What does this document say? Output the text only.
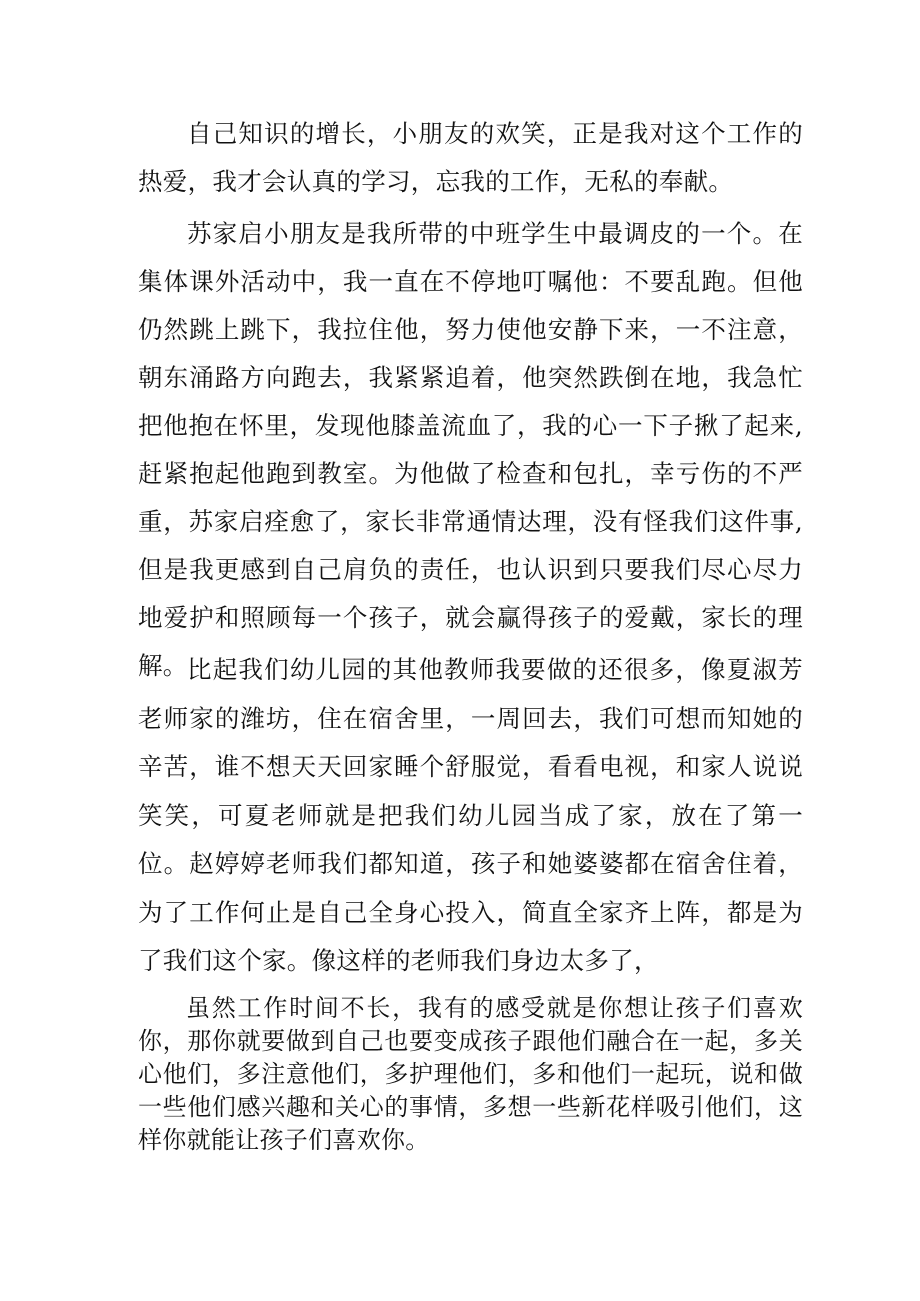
自己知识的增长，小朋友的欢笑，正是我对这个工作的热爱，我才会认真的学习，忘我的工作，无私的奉献。

苏家启小朋友是我所带的中班学生中最调皮的一个。在集体课外活动中，我一直在不停地叮嘱他：不要乱跑。但他仍然跳上跳下，我拉住他，努力使他安静下来，一不注意，朝东涌路方向跑去，我紧紧追着，他突然跌倒在地，我急忙把他抱在怀里，发现他膝盖流血了，我的心一下子揪了起来,赶紧抱起他跑到教室。为他做了检查和包扎，幸亏伤的不严重，苏家启痊愈了，家长非常通情达理，没有怪我们这件事,但是我更感到自己肩负的责任，也认识到只要我们尽心尽力地爱护和照顾每一个孩子，就会赢得孩子的爱戴，家长的理解。 比起我们幼儿园的其他教师我要做的还很多，像夏淑芳老师家的潍坊，住在宿舍里，一周回去，我们可想而知她的辛苦，谁不想天天回家睡个舒服觉，看看电视，和家人说说笑笑，可夏老师就是把我们幼儿园当成了家，放在了第一位。赵婷婷老师我们都知道，孩子和她婆婆都在宿舍住着，为了工作何止是自己全身心投入，简直全家齐上阵，都是为了我们这个家。像这样的老师我们身边太多了，

虽然工作时间不长，我有的感受就是你想让孩子们喜欢你，那你就要做到自己也要变成孩子跟他们融合在一起，多关心他们，多注意他们，多护理他们，多和他们一起玩，说和做一些他们感兴趣和关心的事情，多想一些新花样吸引他们，这样你就能让孩子们喜欢你。
